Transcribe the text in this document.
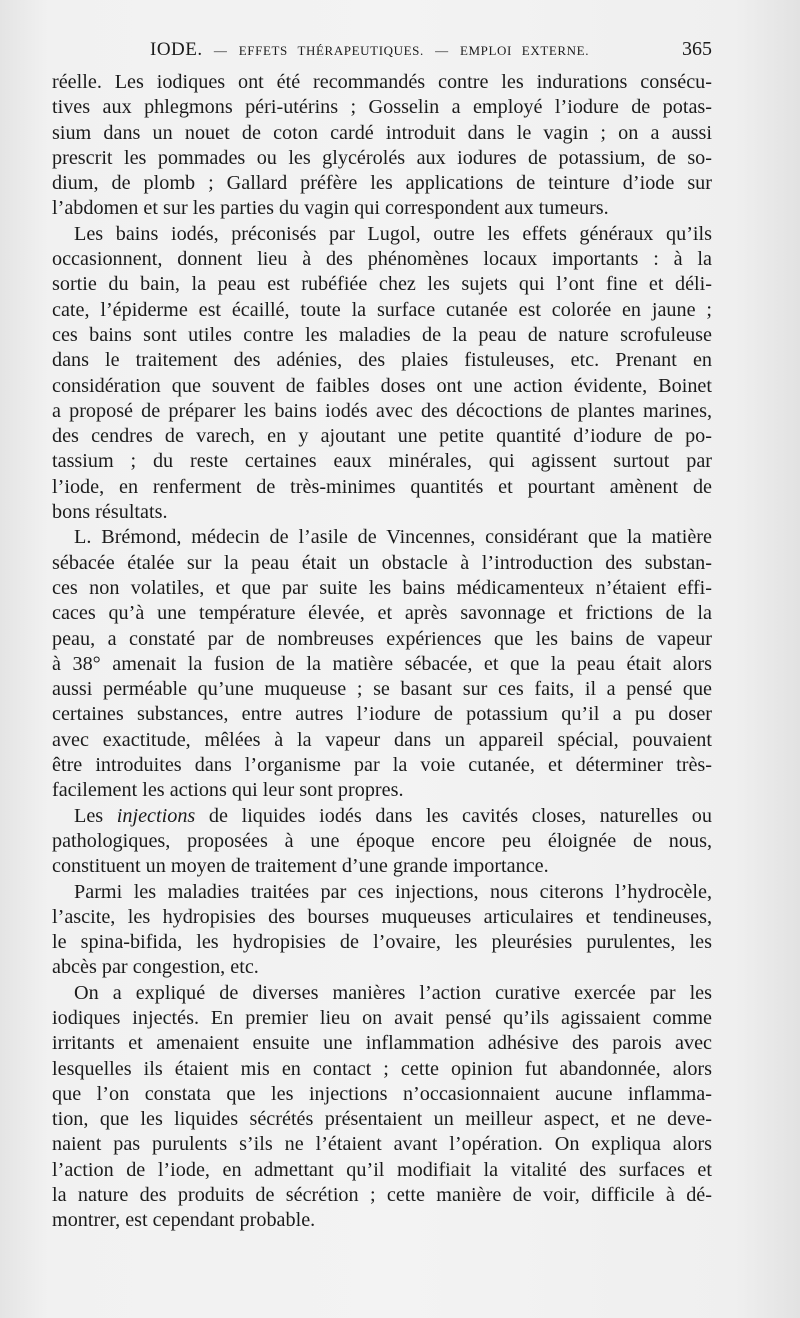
IODE. — EFFETS THÉRAPEUTIQUES. — EMPLOI EXTERNE.	365

réelle. Les iodiques ont été recommandés contre les indurations consécu-
tives aux phlegmons péri-utérins ; Gosselin a employé l’iodure de potas-
sium dans un nouet de coton cardé introduit dans le vagin ; on a aussi
prescrit les pommades ou les glycérolés aux iodures de potassium, de so-
dium, de plomb ; Gallard préfère les applications de teinture d’iode sur
l’abdomen et sur les parties du vagin qui correspondent aux tumeurs.

Les bains iodés, préconisés par Lugol, outre les effets généraux qu’ils
occasionnent, donnent lieu à des phénomènes locaux importants : à la
sortie du bain, la peau est rubéfiée chez les sujets qui l’ont fine et déli-
cate, l’épiderme est écaillé, toute la surface cutanée est colorée en jaune ;
ces bains sont utiles contre les maladies de la peau de nature scrofuleuse
dans le traitement des adénies, des plaies fistuleuses, etc. Prenant en
considération que souvent de faibles doses ont une action évidente, Boinet
a proposé de préparer les bains iodés avec des décoctions de plantes marines,
des cendres de varech, en y ajoutant une petite quantité d’iodure de po-
tassium ; du reste certaines eaux minérales, qui agissent surtout par
l’iode, en renferment de très-minimes quantités et pourtant amènent de
bons résultats.

L. Brémond, médecin de l’asile de Vincennes, considérant que la matière
sébacée étalée sur la peau était un obstacle à l’introduction des substan-
ces non volatiles, et que par suite les bains médicamenteux n’étaient effi-
caces qu’à une température élevée, et après savonnage et frictions de la
peau, a constaté par de nombreuses expériences que les bains de vapeur
à 38° amenait la fusion de la matière sébacée, et que la peau était alors
aussi perméable qu’une muqueuse ; se basant sur ces faits, il a pensé que
certaines substances, entre autres l’iodure de potassium qu’il a pu doser
avec exactitude, mêlées à la vapeur dans un appareil spécial, pouvaient
être introduites dans l’organisme par la voie cutanée, et déterminer très-
facilement les actions qui leur sont propres.

Les injections de liquides iodés dans les cavités closes, naturelles ou
pathologiques, proposées à une époque encore peu éloignée de nous,
constituent un moyen de traitement d’une grande importance.

Parmi les maladies traitées par ces injections, nous citerons l’hydrocèle,
l’ascite, les hydropisies des bourses muqueuses articulaires et tendineuses,
le spina-bifida, les hydropisies de l’ovaire, les pleurésies purulentes, les
abcès par congestion, etc.

On a expliqué de diverses manières l’action curative exercée par les
iodiques injectés. En premier lieu on avait pensé qu’ils agissaient comme
irritants et amenaient ensuite une inflammation adhésive des parois avec
lesquelles ils étaient mis en contact ; cette opinion fut abandonnée, alors
que l’on constata que les injections n’occasionnaient aucune inflamma-
tion, que les liquides sécrétés présentaient un meilleur aspect, et ne deve-
naient pas purulents s’ils ne l’étaient avant l’opération. On expliqua alors
l’action de l’iode, en admettant qu’il modifiait la vitalité des surfaces et
la nature des produits de sécrétion ; cette manière de voir, difficile à dé-
montrer, est cependant probable.
